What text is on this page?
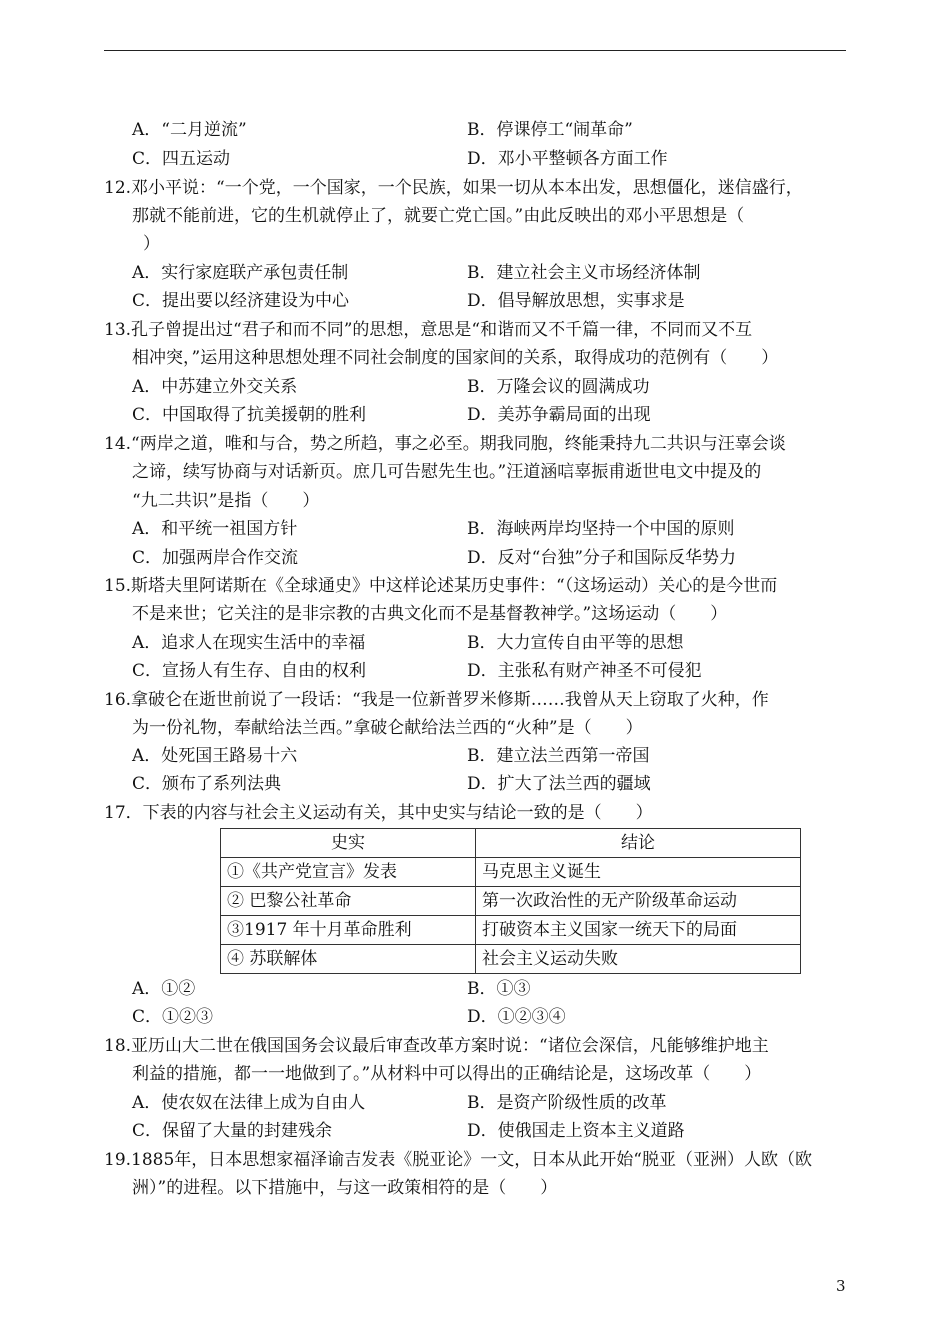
A．“二月逆流”	B．停课停工“闹革命”
C．四五运动	D．邓小平整顿各方面工作
12.邓小平说：“一个党，一个国家，一个民族，如果一切从本本出发，思想僵化，迷信盛行，
那就不能前进，它的生机就停止了，就要亡党亡国。”由此反映出的邓小平思想是（
）
A．实行家庭联产承包责任制	B．建立社会主义市场经济体制
C．提出要以经济建设为中心	D．倡导解放思想，实事求是
13.孔子曾提出过“君子和而不同”的思想，意思是“和谐而又不千篇一律，不同而又不互
相冲突，”运用这种思想处理不同社会制度的国家间的关系，取得成功的范例有（　　）
A．中苏建立外交关系	B．万隆会议的圆满成功
C．中国取得了抗美援朝的胜利	D．美苏争霸局面的出现
14.“两岸之道，唯和与合，势之所趋，事之必至。期我同胞，终能秉持九二共识与汪辜会谈
之谛，续写协商与对话新页。庶几可告慰先生也。”汪道涵唁辜振甫逝世电文中提及的
“九二共识”是指（　　）
A．和平统一祖国方针	B．海峡两岸均坚持一个中国的原则
C．加强两岸合作交流	D．反对“台独”分子和国际反华势力
15.斯塔夫里阿诺斯在《全球通史》中这样论述某历史事件：“（这场运动）关心的是今世而
不是来世；它关注的是非宗教的古典文化而不是基督教神学。”这场运动（　　）
A．追求人在现实生活中的幸福	B．大力宣传自由平等的思想
C．宣扬人有生存、自由的权利	D．主张私有财产神圣不可侵犯
16.拿破仑在逝世前说了一段话：“我是一位新普罗米修斯……我曾从天上窃取了火种，作
为一份礼物，奉献给法兰西。”拿破仑献给法兰西的“火种”是（　　）
A．处死国王路易十六	B．建立法兰西第一帝国
C．颁布了系列法典	D．扩大了法兰西的疆域
17．下表的内容与社会主义运动有关，其中史实与结论一致的是（　　）
史实	结论
①《共产党宣言》发表	马克思主义诞生
② 巴黎公社革命	第一次政治性的无产阶级革命运动
③1917 年十月革命胜利	打破资本主义国家一统天下的局面
④ 苏联解体	社会主义运动失败
A．①②	B．①③
C．①②③	D．①②③④
18.亚历山大二世在俄国国务会议最后审查改革方案时说：“诸位会深信，凡能够维护地主
利益的措施，都一一地做到了。”从材料中可以得出的正确结论是，这场改革（　　）
A．使农奴在法律上成为自由人	B．是资产阶级性质的改革
C．保留了大量的封建残余	D．使俄国走上资本主义道路
19.1885年，日本思想家福泽谕吉发表《脱亚论》一文，日本从此开始“脱亚（亚洲）人欧（欧
洲）”的进程。以下措施中，与这一政策相符的是（　　）
3
